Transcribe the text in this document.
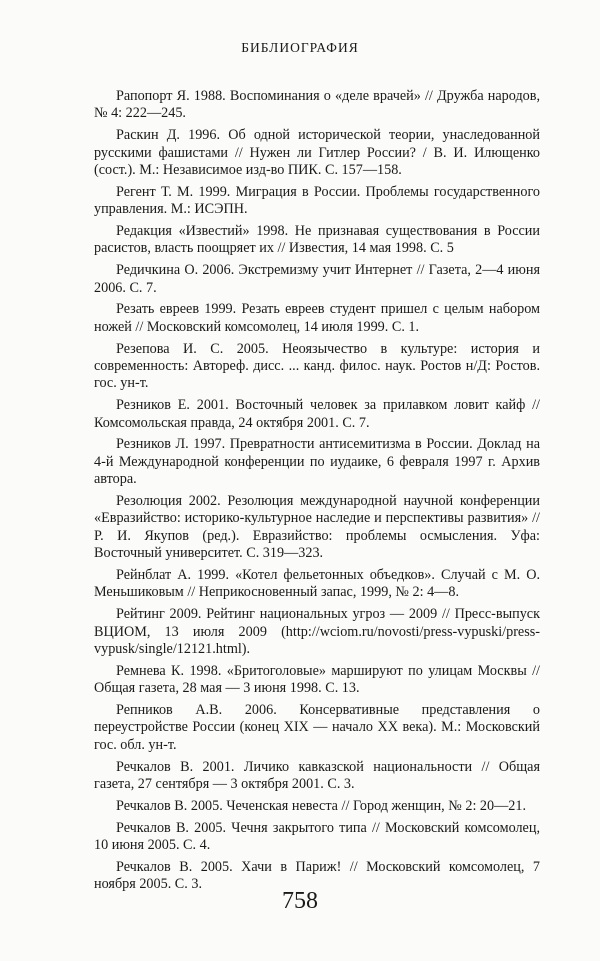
БИБЛИОГРАФИЯ

Рапопорт Я. 1988. Воспоминания о «деле врачей» // Дружба народов, № 4: 222—245.

Раскин Д. 1996. Об одной исторической теории, унаследованной русскими фашистами // Нужен ли Гитлер России? / В. И. Илющенко (сост.). М.: Независимое изд-во ПИК. С. 157—158.

Регент Т. М. 1999. Миграция в России. Проблемы государственного управления. М.: ИСЭПН.

Редакция «Известий» 1998. Не признавая существования в России расистов, власть поощряет их // Известия, 14 мая 1998. С. 5

Редичкина О. 2006. Экстремизму учит Интернет // Газета, 2—4 июня 2006. С. 7.

Резать евреев 1999. Резать евреев студент пришел с целым набором ножей // Московский комсомолец, 14 июля 1999. С. 1.

Резепова И. С. 2005. Неоязычество в культуре: история и современность: Автореф. дисс. ... канд. филос. наук. Ростов н/Д: Ростов. гос. ун-т.

Резников Е. 2001. Восточный человек за прилавком ловит кайф // Комсомольская правда, 24 октября 2001. С. 7.

Резников Л. 1997. Превратности антисемитизма в России. Доклад на 4-й Международной конференции по иудаике, 6 февраля 1997 г. Архив автора.

Резолюция 2002. Резолюция международной научной конференции «Евразийство: историко-культурное наследие и перспективы развития» // Р. И. Якупов (ред.). Евразийство: проблемы осмысления. Уфа: Восточный университет. С. 319—323.

Рейнблат А. 1999. «Котел фельетонных объедков». Случай с М. О. Меньшиковым // Неприкосновенный запас, 1999, № 2: 4—8.

Рейтинг 2009. Рейтинг национальных угроз — 2009 // Пресс-выпуск ВЦИОМ, 13 июля 2009 (http://wciom.ru/novosti/press-vypuski/press-vypusk/single/12121.html).

Ремнева К. 1998. «Бритоголовые» маршируют по улицам Москвы // Общая газета, 28 мая — 3 июня 1998. С. 13.

Репников А.В. 2006. Консервативные представления о переустройстве России (конец XIX — начало XX века). М.: Московский гос. обл. ун-т.

Речкалов В. 2001. Личико кавказской национальности // Общая газета, 27 сентября — 3 октября 2001. С. 3.

Речкалов В. 2005. Чеченская невеста // Город женщин, № 2: 20—21.

Речкалов В. 2005. Чечня закрытого типа // Московский комсомолец, 10 июня 2005. С. 4.

Речкалов В. 2005. Хачи в Париж! // Московский комсомолец, 7 ноября 2005. С. 3.

758
